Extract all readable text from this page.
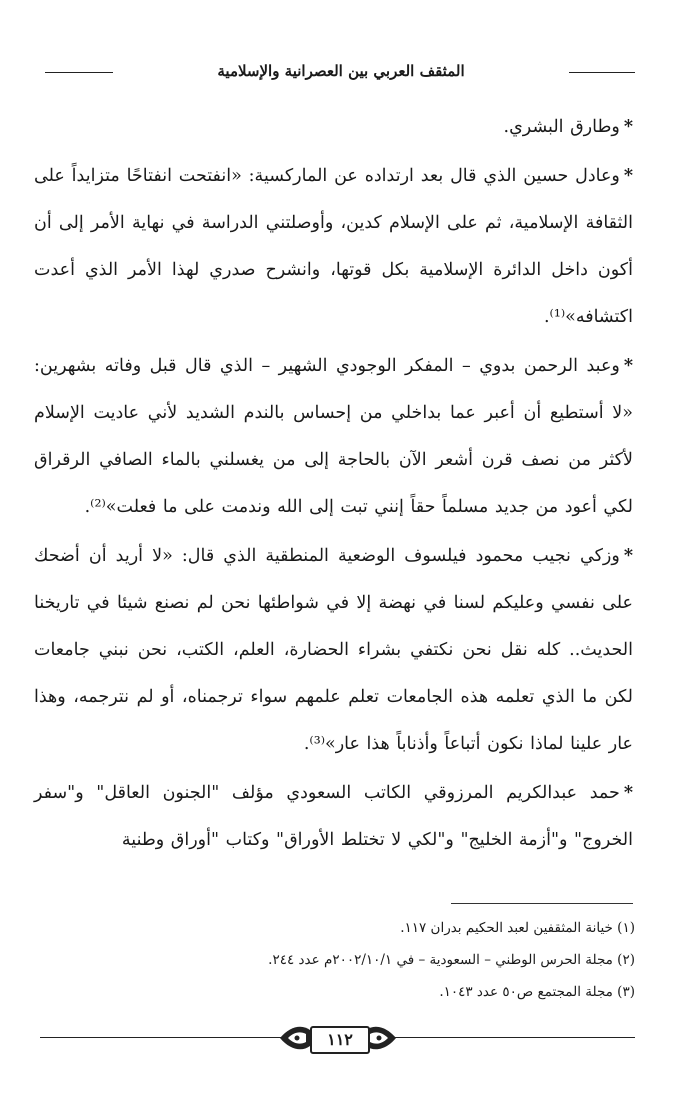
المثقف العربي بين العصرانية والإسلامية

*وطارق البشري.

*وعادل حسين الذي قال بعد ارتداده عن الماركسية: «انفتحت انفتاحًا متزايداً على الثقافة الإسلامية، ثم على الإسلام كدين، وأوصلتني الدراسة في نهاية الأمر إلى أن أكون داخل الدائرة الإسلامية بكل قوتها، وانشرح صدري لهذا الأمر الذي أعدت اكتشافه»⁽¹⁾.

*وعبد الرحمن بدوي – المفكر الوجودي الشهير – الذي قال قبل وفاته بشهرين: «لا أستطيع أن أعبر عما بداخلي من إحساس بالندم الشديد لأني عاديت الإسلام لأكثر من نصف قرن أشعر الآن بالحاجة إلى من يغسلني بالماء الصافي الرقراق لكي أعود من جديد مسلماً حقاً إنني تبت إلى الله وندمت على ما فعلت»⁽²⁾.

*وزكي نجيب محمود فيلسوف الوضعية المنطقية الذي قال: «لا أريد أن أضحك على نفسي وعليكم لسنا في نهضة إلا في شواطئها نحن لم نصنع شيئا في تاريخنا الحديث.. كله نقل نحن نكتفي بشراء الحضارة، العلم، الكتب، نحن نبني جامعات لكن ما الذي تعلمه هذه الجامعات تعلم علمهم سواء ترجمناه، أو لم نترجمه، وهذا عار علينا لماذا نكون أتباعاً وأذناباً هذا عار»⁽³⁾.

*حمد عبدالكريم المرزوقي الكاتب السعودي مؤلف "الجنون العاقل" و"سفر الخروج" و"أزمة الخليج" و"لكي لا تختلط الأوراق" وكتاب "أوراق وطنية

(١) خيانة المثقفين لعبد الحكيم بدران ١١٧.

(٢) مجلة الحرس الوطني – السعودية – في ٢٠٠٢/١٠/١م عدد ٢٤٤.

(٣) مجلة المجتمع ص٥٠ عدد ١٠٤٣.

١١٢
